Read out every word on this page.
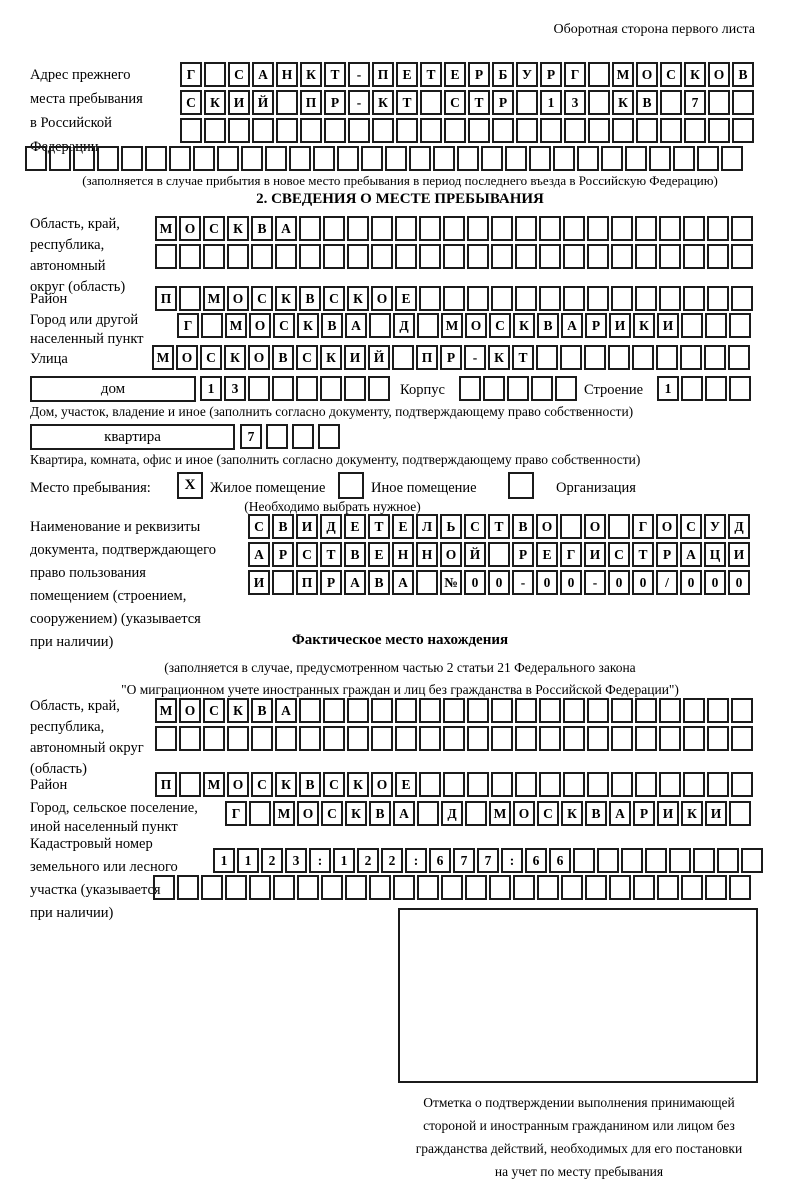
Оборотная сторона первого листа
Адрес прежнего
места пребывания
в Российской
Федерации
Г	С	А	Н	К	Т	-	П	Е	Т	Е	Р	Б	У	Р	Г	М О	С	К	О	В
С	К	И Й	П	Р	-	К	Т	С	Т	Р	1	3	К	В	7
(заполняется в случае прибытия в новое место пребывания в период последнего въезда в Российскую Федерацию)
2. СВЕДЕНИЯ О МЕСТЕ ПРЕБЫВАНИЯ
Область, край,
республика,
автономный
округ (область)
М О	С	К	В	А
Район	П	М О	С	К	В	С	К	О	Е
Город или другой
населенный пункт
Г	М О	С	К	В	А	Д	М О	С	К	В	А	Р	И	К	И
Улица	М О	С	К	О	В	С	К	И Й	П	Р	-	К	Т
дом	1	3	Корпус	Строение	1
Дом, участок, владение и иное (заполнить согласно документу, подтверждающему право собственности)
квартира	7
Квартира, комната, офис и иное (заполнить согласно документу, подтверждающему право собственности)
Место пребывания:	X	Жилое помещение	Иное помещение	Организация
(Необходимо выбрать нужное)
Наименование и реквизиты
документа, подтверждающего
право пользования
помещением (строением,
сооружением) (указывается
при наличии)
С	В	И	Д	Е	Т	Е	Л	Ь	С	Т	В	О	О	Г	О	С	У	Д
А	Р	С	Т	В	Е	Н Н О Й	Р	Е	Г	И	С	Т	Р	А	Ц И
И	П	Р	А	В	А	№	0	0	-	0	0	-	0	0	/	0	0	0
Фактическое место нахождения
(заполняется в случае, предусмотренном частью 2 статьи 21 Федерального закона
"О миграционном учете иностранных граждан и лиц без гражданства в Российской Федерации")
Область, край,
республика,
автономный округ
(область)
М О	С	К	В	А
Район	П	М О	С	К	В	С	К	О	Е
Город, сельское поселение,
иной населенный пункт
Г	М О	С	К	В	А	Д	М О	С	К	В	А	Р	И	К	И
Кадастровый номер
земельного или лесного
участка (указывается
при наличии)
1	1	2	3	:	1	2	2	:	6	7	7	:	6	6
Отметка о подтверждении выполнения принимающей
стороной и иностранным гражданином или лицом без
гражданства действий, необходимых для его постановки
на учет по месту пребывания
